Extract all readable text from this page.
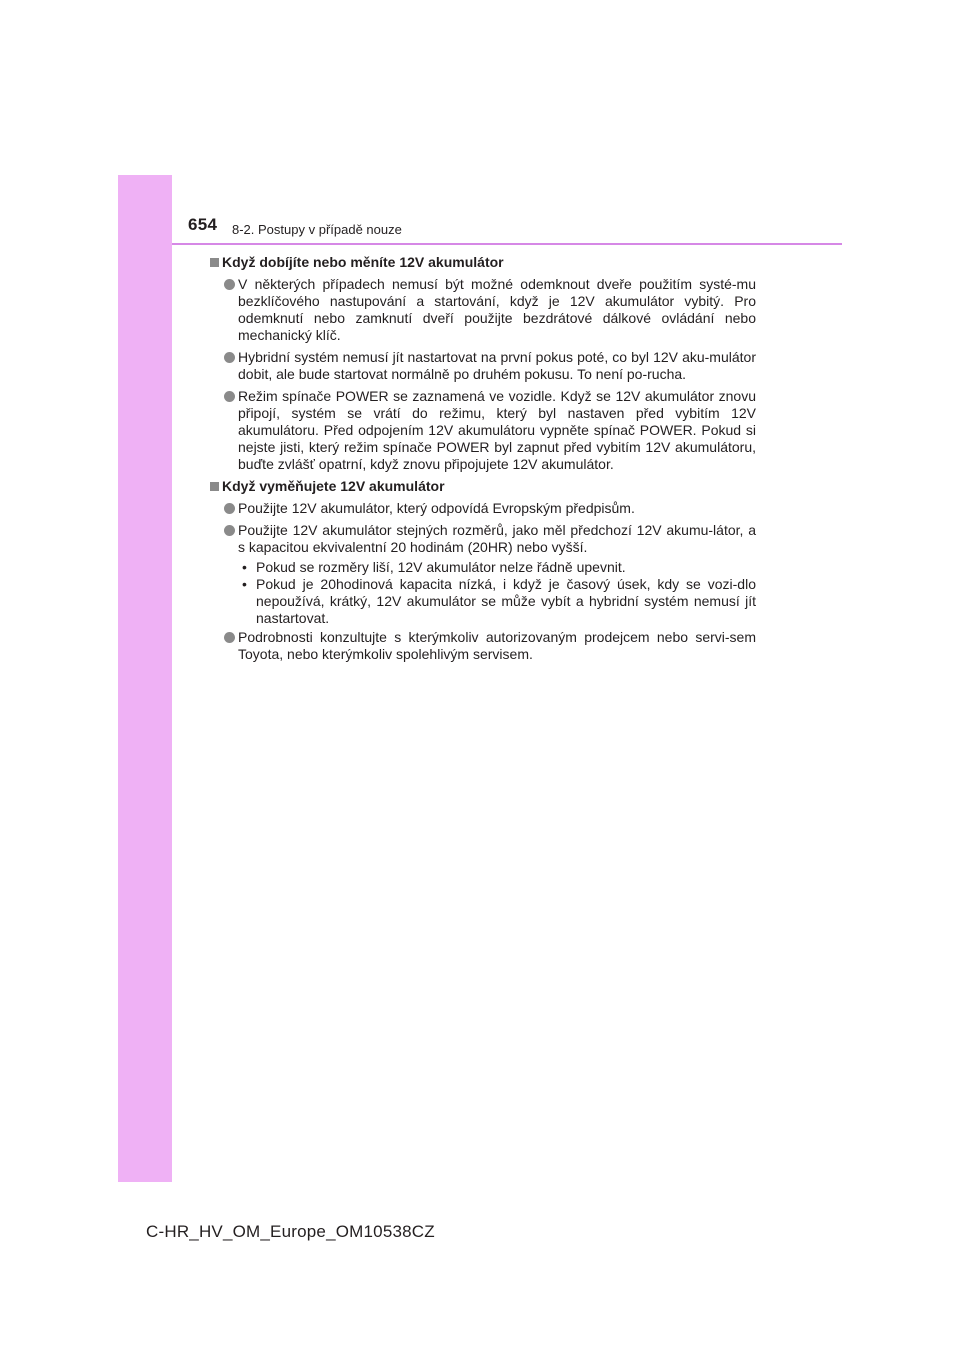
654 8-2. Postupy v případě nouze
Když dobíjíte nebo měníte 12V akumulátor
V některých případech nemusí být možné odemknout dveře použitím systé-mu bezklíčového nastupování a startování, když je 12V akumulátor vybitý. Pro odemknutí nebo zamknutí dveří použijte bezdrátové dálkové ovládání nebo mechanický klíč.
Hybridní systém nemusí jít nastartovat na první pokus poté, co byl 12V aku-mulátor dobit, ale bude startovat normálně po druhém pokusu. To není po-rucha.
Režim spínače POWER se zaznamená ve vozidle. Když se 12V akumulátor znovu připojí, systém se vrátí do režimu, který byl nastaven před vybitím 12V akumulátoru. Před odpojením 12V akumulátoru vypněte spínač POWER. Pokud si nejste jisti, který režim spínače POWER byl zapnut před vybitím 12V akumulátoru, buďte zvlášť opatrní, když znovu připojujete 12V akumulátor.
Když vyměňujete 12V akumulátor
Použijte 12V akumulátor, který odpovídá Evropským předpisům.
Použijte 12V akumulátor stejných rozměrů, jako měl předchozí 12V akumu-látor, a s kapacitou ekvivalentní 20 hodinám (20HR) nebo vyšší.
• Pokud se rozměry liší, 12V akumulátor nelze řádně upevnit.
• Pokud je 20hodinová kapacita nízká, i když je časový úsek, kdy se vozi-dlo nepoužívá, krátký, 12V akumulátor se může vybít a hybridní systém nemusí jít nastartovat.
Podrobnosti konzultujte s kterýmkoliv autorizovaným prodejcem nebo servi-sem Toyota, nebo kterýmkoliv spolehlivým servisem.
C-HR_HV_OM_Europe_OM10538CZ
